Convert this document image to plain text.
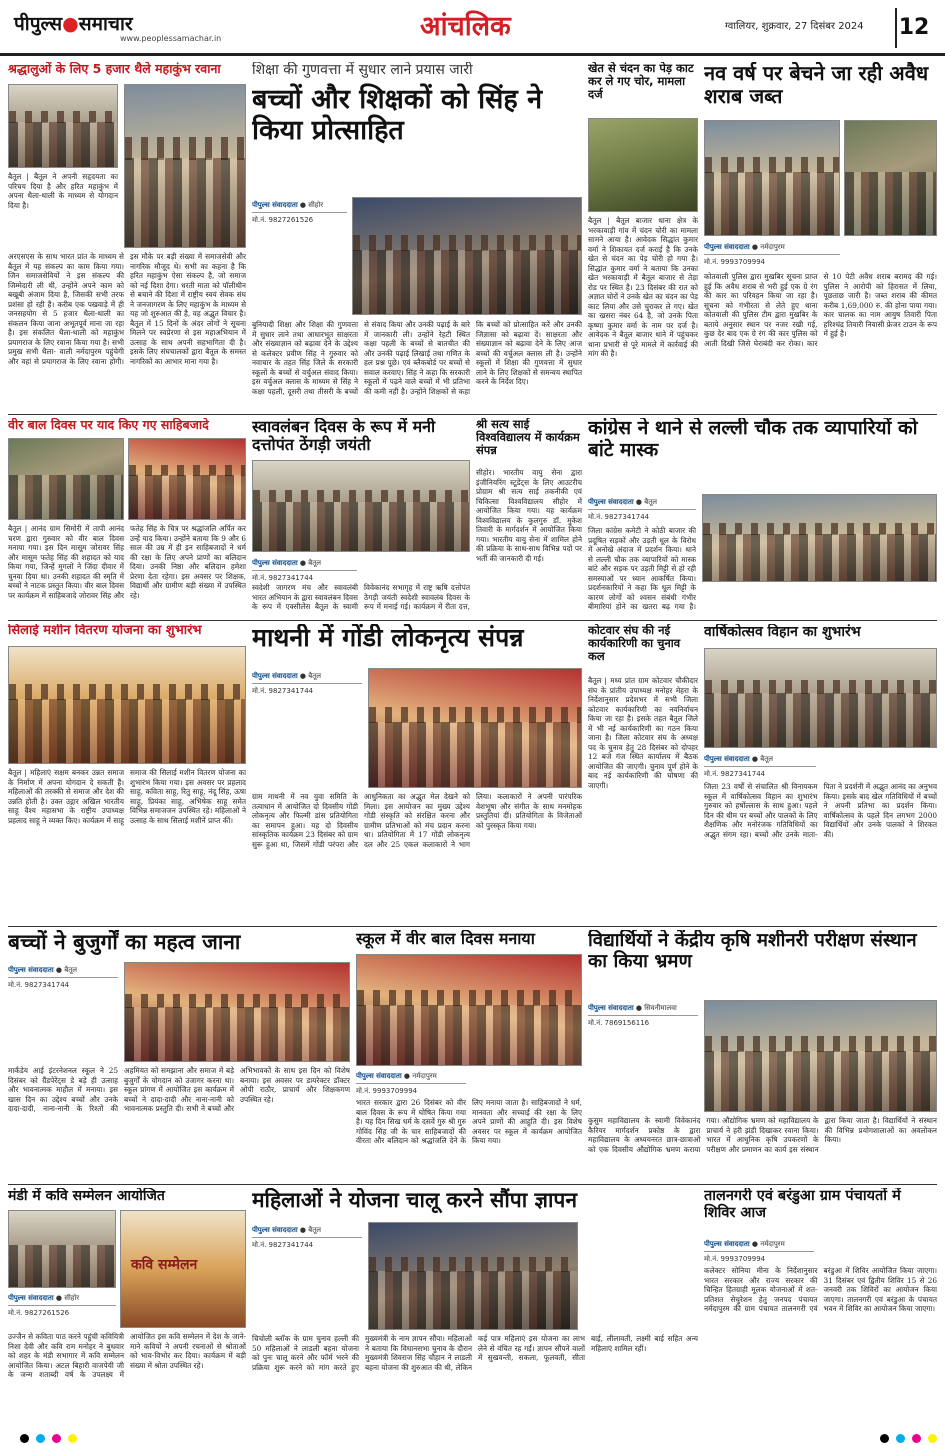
पीपुल्स●समाचार
www.peoplessamachar.in	आंचलिक	ग्वालियर, शुक्रवार, 27 दिसंबर 2024 12
श्रद्धालुओं के लिए 5 हजार थैले महाकुंभ रवाना
बैतूल | बैतूल ने अपनी सहृदयता का परिचय दिया है और हरित महाकुंभ में अपना थैला-थाली के माध्यम से योगदान दिया है।
अरएसएस के साथ भारत प्रांत के माध्यम से बैतूल में यह संकल्प का काम किया गया। जिन समाजसेवियों ने इस संकल्प की जिम्मेदारी ली थी, उन्होंने अपने काम को बखूबी अंजाम दिया है, जिसकी सभी तरफ प्रशंसा हो रही है। करीब एक पखवाड़े में ही जनसहयोग से 5 हजार थैला-थाली का संकलन किया जाना अभूतपूर्व माना जा रहा है। इस संकलित थैला-थाली को महाकुंभ प्रयागराज के लिए रवाना किया गया है। सभी प्रमुख सभी थैला- वाली नर्मदापुरम पहुंचेगी और वहां से प्रयागराज के लिए रवाना होगी। इस मौके पर बड़ी संख्या में समाजसेवी और नागरिक मौजूद थे। सभी का कहना है कि हरित महाकुंभ ऐसा संकल्प है, जो समाज को नई दिशा देगा। धरती माता को पॉलीथीन से बचाने की दिशा में राष्ट्रीय स्वयं सेवक संघ ने जनजागरण के लिए महाकुंभ के माध्यम से यह जो शुरुआत की है, वह अद्भुत विचार है। बैतूल में 15 दिनों के अंदर लोगों ने सूचना मिलने पर स्वप्रेरणा से इस महाअभियान में उत्साह के साथ अपनी सहभागिता दी है। इसके लिए संघचालकों द्वारा बैतूल के समस्त नागरिकों का आभार माना गया है।
शिक्षा की गुणवत्ता में सुधार लाने प्रयास जारी
बच्चों और शिक्षकों को सिंह ने किया प्रोत्साहित
पीपुल्स संवाददाता ● सीहोर
मो.नं. 9827261526
बुनियादी शिक्षा और शिक्षा की गुणवत्ता में सुधार लाने तथा आधारभूत साक्षरता और संख्याज्ञान को बढ़ावा देने के उद्देश्य से कलेक्टर प्रवीण सिंह ने गुरुवार को नवाचार के तहत सिंह जिले के सरकारी स्कूलों के बच्चों से वर्चुअल संवाद किया। इस वर्चुअल क्लास के माध्यम से सिंह ने कक्षा पहली, दूसरी तथा तीसरी के बच्चों से संवाद किया और उनकी पढ़ाई के बारे में जानकारी ली। उन्होंने रेहटी स्थित कक्षा पहली के बच्चों से बातचीत की और उनकी पढ़ाई लिखाई तथा गणित के हल प्रश्न पूछे। एवं ब्लैकबोर्ड पर बच्चों से सवाल करवाए। सिंह ने कहा कि सरकारी स्कूलों में पढ़ने वाले बच्चों में भी प्रतिभा की कमी नहीं है। उन्होंने शिक्षकों से कहा कि बच्चों को प्रोत्साहित करें और उनकी जिज्ञासा को बढ़ावा दें। साक्षरता और संख्याज्ञान को बढ़ावा देने के लिए आज बच्चों की वर्चुअल क्लास ली है। उन्होंने स्कूलों में शिक्षा की गुणवत्ता में सुधार लाने के लिए शिक्षकों से समन्वय स्थापित करने के निर्देश दिए।
खेत से चंदन का पेड़ काट कर ले गए चोर, मामला दर्ज
बैतूल | बैतूल बाजार थाना क्षेत्र के भरकावाड़ी गांव में चंदन चोरी का मामला सामने आया है। आवेदक सिद्धांत कुमार वर्मा ने शिकायत दर्ज कराई है कि उनके खेत से चंदन का पेड़ चोरी हो गया है। सिद्धांत कुमार वर्मा ने बताया कि उनका खेत भरकावाड़ी में बैतूल बाजार से तेड़ा रोड पर स्थित है। 23 दिसंबर की रात को अज्ञात चोरों ने उनके खेत का चंदन का पेड़ काट लिया और उसे चुराकर ले गए। खेत का खसरा नंबर 64 है, जो उनके पिता कृष्णा कुमार वर्मा के नाम पर दर्ज है। आवेदक ने बैतूल बाजार थाने में पहुंचकर थाना प्रभारी से पूरे मामले में कार्रवाई की मांग की है।
नव वर्ष पर बेचने जा रही अवैध शराब जब्त
पीपुल्स संवाददाता ● नर्मदापुरम
मो.नं. 9993709994
कोतवाली पुलिस द्वारा मुखबिर सूचना प्राप्त हुई कि अवैध शराब से भरी हुई एक ग्रे रंग की कार का परिवहन किया जा रहा है। सूचना को गंभीरता से लेते हुए थाना कोतवाली की पुलिस टीम द्वारा मुखबिर के बताये अनुसार स्थान पर नजर रखी गई, कुछ देर बाद एक ग्रे रंग की कार पुलिस को आती दिखी जिसे घेराबंदी कर रोका। कार से 10 पेटी अवैध शराब बरामद की गई। पुलिस ने आरोपी को हिरासत में लिया, पूछताछ जारी है। जब्त शराब की कीमत करीब 1,69,000 रु. की होना पाया गया। कार चालक का नाम आयुष तिवारी पिता हरिश्चंद्र तिवारी निवासी फ्रेजर टाउन के रूप में हुई है।
वीर बाल दिवस पर याद किए गए साहिबजादे
बैतूल | आनंद ग्राम सिमोरी में तापी आनंद चरण द्वारा गुरुवार को वीर बाल दिवस मनाया गया। इस दिन मासूम जोरावर सिंह और मासूम फतेह सिंह की शहादत को याद किया गया, जिन्हें मुगलों ने जिंदा दीवार में चुनवा दिया था। उनकी शहादत की स्मृति में बच्चों ने नाटक प्रस्तुत किया। वीर बाल दिवस पर कार्यक्रम में साहिबजादे जोरावर सिंह और फतेह सिंह के चित्र पर श्रद्धांजलि अर्पित कर उन्हें याद किया। उन्होंने बताया कि 9 और 6 साल की उम्र में ही इन साहिबजादों ने धर्म की रक्षा के लिए अपने प्राणों का बलिदान दिया। उनकी निष्ठा और बलिदान हमेशा प्रेरणा देता रहेगा। इस अवसर पर शिक्षक, विद्यार्थी और ग्रामीण बड़ी संख्या में उपस्थित रहे।
स्वावलंबन दिवस के रूप में मनी दत्तोपंत ठेंगड़ी जयंती
पीपुल्स संवाददाता ● बैतूल
मो.नं. 9827341744
स्वदेशी जागरण मंच और स्वावलंबी भारत अभियान के द्वारा स्वावलंबन दिवस के रूप में एक्सीलेंस बैतूल के स्वामी विवेकानंद सभागृह में राष्ट्र ऋषि दत्तोपंत ठेंगड़ी जयंती स्वदेशी स्वावलंब दिवस के रूप में मनाई गई। कार्यक्रम में रीता दत्त,
श्री सत्य साई विश्वविद्यालय में कार्यक्रम संपन्न
सीहोर। भारतीय वायु सेना द्वारा इंजीनियरिंग स्टूडेंट्स के लिए आउटरीच प्रोग्राम श्री सत्य साई तकनीकी एवं चिकित्सा विश्वविद्यालय सीहोर में आयोजित किया गया। यह कार्यक्रम विश्वविद्यालय के कुलगुरु डॉ. मुकेश तिवारी के मार्गदर्शन में आयोजित किया गया। भारतीय वायु सेना में शामिल होने की प्रक्रिया के साथ-साथ विभिन्न पदों पर भर्ती की जानकारी दी गई।
कांग्रेस ने थाने से लल्ली चौक तक व्यापारियों को बांटे मास्क
पीपुल्स संवाददाता ● बैतूल
मो.नं. 9827341744
जिला कांग्रेस कमेटी ने कोठी बाजार की प्रदूषित सड़कों और उड़ती धूल के विरोध में अनोखे अंदाज में प्रदर्शन किया। थाने से लल्ली चौक तक व्यापारियों को मास्क बांटे और सड़क पर उड़ती मिट्टी से हो रही समस्याओं पर ध्यान आकर्षित किया। प्रदर्शनकारियों ने कहा कि धूल मिट्टी के कारण लोगों को श्वसन संबंधी गंभीर बीमारियां होने का खतरा बढ़ गया है।
सिलाई मशीन वितरण योजना का शुभारंभ
बैतूल | महिलाएं सक्षम बनकर उन्नत समाज के निर्माण में अपना योगदान दे सकती हैं। महिलाओं की तरक्की से समाज और देश की उन्नति होती है। उक्त उद्गार अखिल भारतीय साहू वैश्य महासभा के राष्ट्रीय उपाध्यक्ष प्रहलाद साहू ने व्यक्त किए। कार्यक्रम में साहू समाज की सिलाई मशीन वितरण योजना का शुभारंभ किया गया। इस अवसर पर प्रहलाद साहू, कविता साहू, रितु साहू, नंदू सिंह, ऊषा साहू, प्रियंका साहू, अभिषेक साहू समेत विभिन्न समाजजन उपस्थित रहे। महिलाओं ने उत्साह के साथ सिलाई मशीनें प्राप्त कीं।
माथनी में गोंडी लोकनृत्य संपन्न
पीपुल्स संवाददाता ● बैतूल
मो.नं. 9827341744
ग्राम माथनी में नव युवा समिति के तत्वाधान में आयोजित दो दिवसीय गोंडी लोकनृत्य और फिल्मी डांस प्रतियोगिता का समापन हुआ। यह दो दिवसीय सांस्कृतिक कार्यक्रम 23 दिसंबर को ग्राम सुरू हुआ था, जिसमें गोंडी परंपरा और आधुनिकता का अद्भुत मेल देखने को मिला। इस आयोजन का मुख्य उद्देश्य गोंडी संस्कृति को संरक्षित करना और ग्रामीण प्रतिभाओं को मंच प्रदान करना था। प्रतियोगिता में 17 गोंडी लोकनृत्य दल और 25 एकल कलाकारों ने भाग लिया। कलाकारों ने अपनी पारंपरिक वेशभूषा और संगीत के साथ मनमोहक प्रस्तुतियां दीं। प्रतियोगिता के विजेताओं को पुरस्कृत किया गया।
कोटवार संघ की नई कार्यकारिणी का चुनाव कल
बैतूल | मध्य प्रांत ग्राम कोटवार चौकीदार संघ के प्रांतीय उपाध्यक्ष मनोहर मेहरा के निर्देशानुसार प्रदेशभर में सभी जिला कोटवार कार्यकारिणी का नवनिर्वाचन किया जा रहा है। इसके तहत बैतूल जिले में भी नई कार्यकारिणी का गठन किया जाना है। जिला कोटवार संघ के अध्यक्ष पद के चुनाव हेतु 28 दिसंबर को दोपहर 12 बजे गंज स्थित कार्यालय में बैठक आयोजित की जाएगी। चुनाव पूर्ण होने के बाद नई कार्यकारिणी की घोषणा की जाएगी।
वार्षिकोत्सव विहान का शुभारंभ
पीपुल्स संवाददाता ● बैतूल
मो.नं. 9827341744
जिला 23 वर्षों से संचालित श्री विनायकम स्कूल में वार्षिकोत्सव विहान का शुभारंभ गुरुवार को हर्षोल्लास के साथ हुआ। पहले दिन की थीम पर बच्चों और पालकों के लिए शैक्षणिक और मनोरंजक गतिविधियों का अद्भुत संगम रहा। बच्चों और उनके माता-पिता ने प्रदर्शनी में अद्भुत आनंद का अनुभव किया। इसके बाद खेल गतिविधियों में बच्चों ने अपनी प्रतिभा का प्रदर्शन किया। वार्षिकोत्सव के पहले दिन लगभग 2000 विद्यार्थियों और उनके पालकों ने शिरकत की।
बच्चों ने बुजुर्गों का महत्व जाना
पीपुल्स संवाददाता ● बैतूल
मो.नं. 9827341744
मार्कंडेय आई इंटरनेशनल स्कूल ने 25 दिसंबर को ग्रैंडपेरेंट्स डे बड़े ही उत्साह और भावनात्मक माहौल में मनाया। इस खास दिन का उद्देश्य बच्चों और उनके दादा-दादी, नाना-नानी के रिश्तों की अहमियत को समझाना और समाज में बड़े बुजुर्गों के योगदान को उजागर करना था। स्कूल प्रांगण में आयोजित इस कार्यक्रम में बच्चों ने दादा-दादी और नाना-नानी को भावनात्मक प्रस्तुति दी। सभी ने बच्चों और अभिभावकों के साथ इस दिन को विशेष बनाया। इस अवसर पर डायरेक्टर डॉक्टर ओपी राठौर, प्राचार्य और शिक्षकगण उपस्थित रहे।
स्कूल में वीर बाल दिवस मनाया
पीपुल्स संवाददाता ● नर्मदापुरम
मो.नं. 9993709994
भारत सरकार द्वारा 26 दिसंबर को वीर बाल दिवस के रूप में घोषित किया गया है। यह दिन सिख धर्म के दसवें गुरु श्री गुरु गोविंद सिंह जी के चार साहिबजादों की वीरता और बलिदान को श्रद्धांजलि देने के लिए मनाया जाता है। साहिबजादों ने धर्म, मानवता और सच्चाई की रक्षा के लिए अपने प्राणों की आहुति दी। इस विशेष अवसर पर स्कूल में कार्यक्रम आयोजित किया गया।
विद्यार्थियों ने केंद्रीय कृषि मशीनरी परीक्षण संस्थान का किया भ्रमण
पीपुल्स संवाददाता ● सिवनीमालवा
मो.नं. 7869156116
कुसुम महाविद्यालय के स्वामी विवेकानंद कैरियर मार्गदर्शन प्रकोष्ठ के द्वारा महाविद्यालय के अध्ययनरत छात्र-छात्राओं को एक दिवसीय औद्योगिक भ्रमण कराया गया। औद्योगिक भ्रमण को महाविद्यालय के प्राचार्य ने हरी झंडी दिखाकर रवाना किया। भारत में आधुनिक कृषि उपकरणों के परीक्षण और प्रमाणन का कार्य इस संस्थान द्वारा किया जाता है। विद्यार्थियों ने संस्थान की विभिन्न प्रयोगशालाओं का अवलोकन किया।
मंडी में कवि सम्मेलन आयोजित
कवि सम्मेलन
पीपुल्स संवाददाता ● सीहोर
मो.नं. 9827261526
उज्जैन से कविता पाठ करने पहुंची कवियित्री निशा देवी और कवि राम मनोहर ने बुधवार को शहर के मंडी सभागार में कवि सम्मेलन आयोजित किया। अटल बिहारी वाजपेयी जी के जन्म शताब्दी वर्ष के उपलक्ष्य में आयोजित इस कवि सम्मेलन में देश के जाने-माने कवियों ने अपनी रचनाओं से श्रोताओं को भाव-विभोर कर दिया। कार्यक्रम में बड़ी संख्या में श्रोता उपस्थित रहे।
महिलाओं ने योजना चालू करने सौंपा ज्ञापन
पीपुल्स संवाददाता ● बैतूल
मो.नं. 9827341744
चिचोली ब्लॉक के ग्राम चुनाव हल्ली की 50 महिलाओं ने लाडली बहना योजना को पुनः चालू करने और फॉर्म भरने की प्रक्रिया शुरू करने को मांग करते हुए मुख्यमंत्री के नाम ज्ञापन सौंपा। महिलाओं ने बताया कि विधानसभा चुनाव के दौरान मुख्यमंत्री शिवराज सिंह चौहान ने लाडली बहना योजना की शुरुआत की थी, लेकिन कई पात्र महिलाएं इस योजना का लाभ लेने से वंचित रह गईं। ज्ञापन सौंपने वालों में सुखवन्ती, सकला, फूलवती, सीता बाई, लीलावती, लक्ष्मी बाई सहित अन्य महिलाएं शामिल रहीं।
तालनगरी एवं बरंडुआ ग्राम पंचायतों में शिविर आज
पीपुल्स संवाददाता ● नर्मदापुरम
मो.नं. 9993709994
कलेक्टर सोनिया मीना के निर्देशानुसार भारत सरकार और राज्य सरकार की चिन्हित हितग्राही मूलक योजनाओं में शत-प्रतिशत सेचुरेशन हेतु जनपद पंचायत नर्मदापुरम की ग्राम पंचायत तालनगरी एवं बरंडुआ में शिविर आयोजित किया जाएगा। 31 दिसंबर एवं द्वितीय शिविर 15 से 26 जनवरी तक शिविरों का आयोजन किया जाएगा। तालनगरी एवं बरंडुआ के पंचायत भवन में शिविर का आयोजन किया जाएगा।
